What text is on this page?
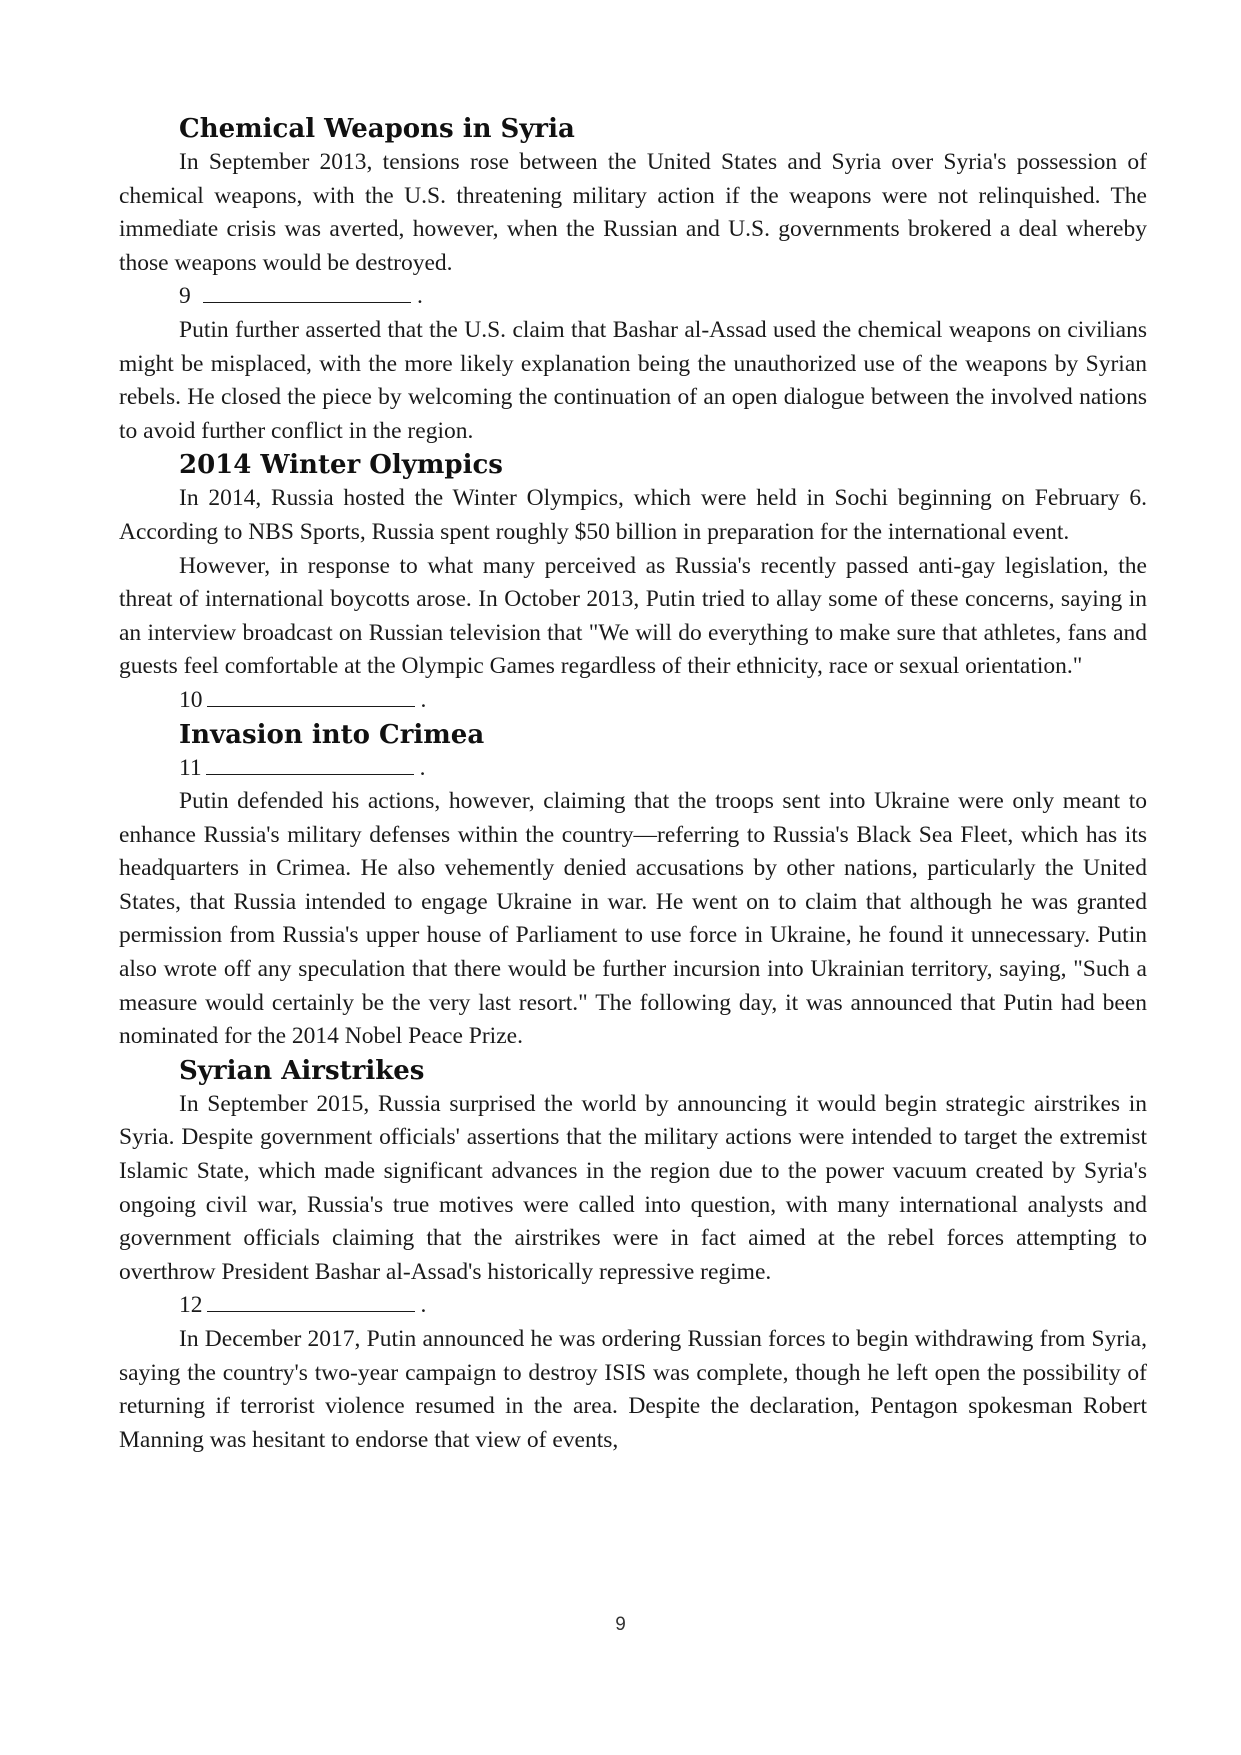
Chemical Weapons in Syria

In September 2013, tensions rose between the United States and Syria over Syria's possession of chemical weapons, with the U.S. threatening military action if the weapons were not relinquished. The immediate crisis was averted, however, when the Russian and U.S. governments brokered a deal whereby those weapons would be destroyed.

9	.

Putin further asserted that the U.S. claim that Bashar al-Assad used the chemical weapons on civilians might be misplaced, with the more likely explanation being the unauthorized use of the weapons by Syrian rebels. He closed the piece by welcoming the continuation of an open dialogue between the involved nations to avoid further conflict in the region.

2014 Winter Olympics

In 2014, Russia hosted the Winter Olympics, which were held in Sochi beginning on February 6. According to NBS Sports, Russia spent roughly $50 billion in preparation for the international event.

However, in response to what many perceived as Russia's recently passed anti-gay legislation, the threat of international boycotts arose. In October 2013, Putin tried to allay some of these concerns, saying in an interview broadcast on Russian television that "We will do everything to make sure that athletes, fans and guests feel comfortable at the Olympic Games regardless of their ethnicity, race or sexual orientation."

10	.
Invasion into Crimea
11	.

Putin defended his actions, however, claiming that the troops sent into Ukraine were only meant to enhance Russia's military defenses within the country—referring to Russia's Black Sea Fleet, which has its headquarters in Crimea. He also vehemently denied accusations by other nations, particularly the United States, that Russia intended to engage Ukraine in war. He went on to claim that although he was granted permission from Russia's upper house of Parliament to use force in Ukraine, he found it unnecessary. Putin also wrote off any speculation that there would be further incursion into Ukrainian territory, saying, "Such a measure would certainly be the very last resort." The following day, it was announced that Putin had been nominated for the 2014 Nobel Peace Prize.

Syrian Airstrikes

In September 2015, Russia surprised the world by announcing it would begin strategic airstrikes in Syria. Despite government officials' assertions that the military actions were intended to target the extremist Islamic State, which made significant advances in the region due to the power vacuum created by Syria's ongoing civil war, Russia's true motives were called into question, with many international analysts and government officials claiming that the airstrikes were in fact aimed at the rebel forces attempting to overthrow President Bashar al-Assad's historically repressive regime.

12	.

In December 2017, Putin announced he was ordering Russian forces to begin withdrawing from Syria, saying the country's two-year campaign to destroy ISIS was complete, though he left open the possibility of returning if terrorist violence resumed in the area. Despite the declaration, Pentagon spokesman Robert Manning was hesitant to endorse that view of events,

9
